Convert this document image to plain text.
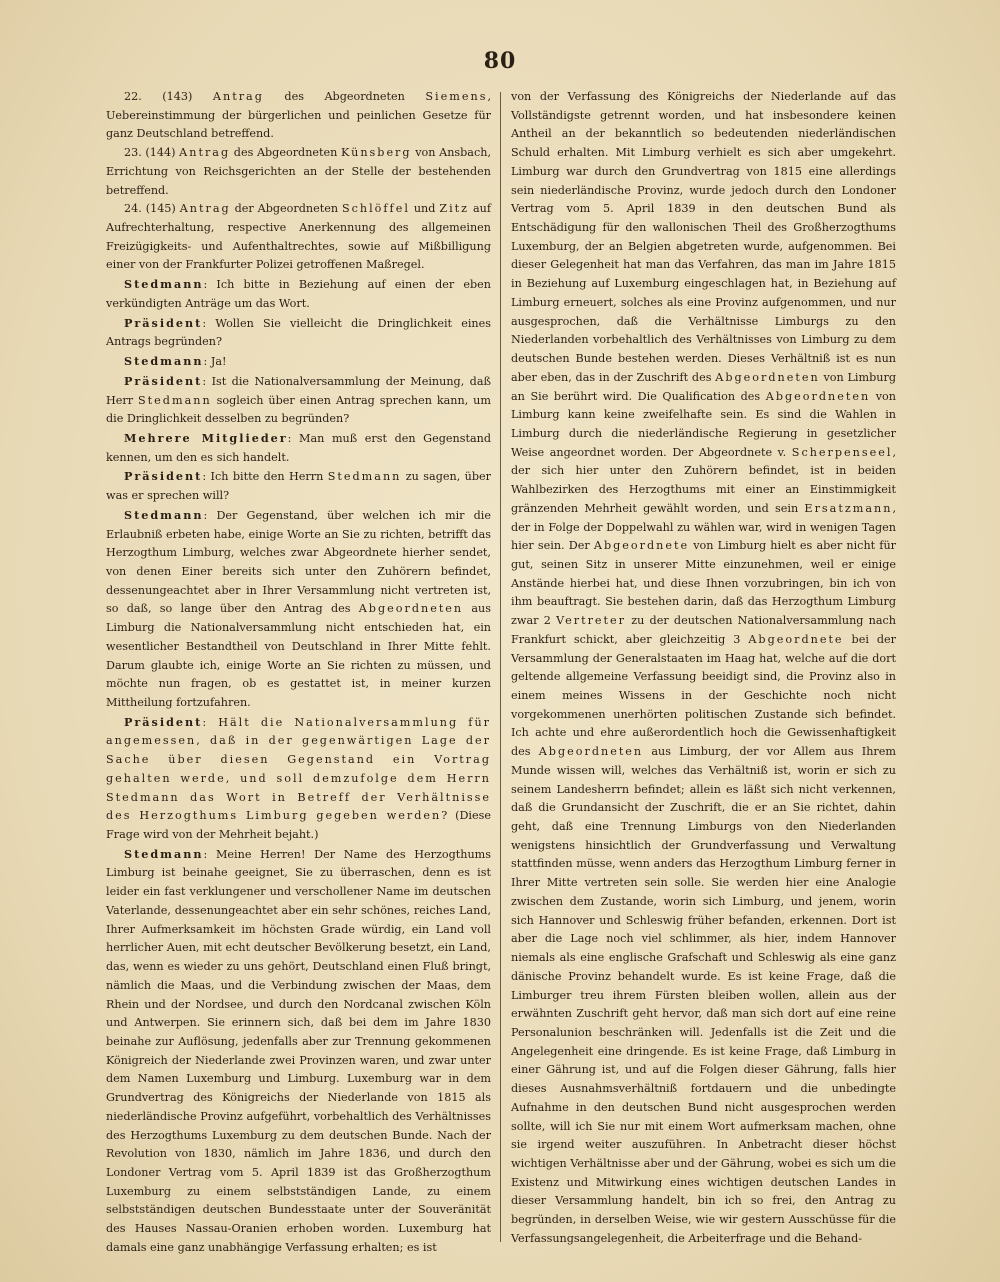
80

22. (143) Antrag des Abgeordneten Siemens, Uebereinstimmung der bürgerlichen und peinlichen Gesetze für ganz Deutschland betreffend.

23. (144) Antrag des Abgeordneten Künsberg von Ansbach, Errichtung von Reichsgerichten an der Stelle der bestehenden betreffend.

24. (145) Antrag der Abgeordneten Schlöffel und Zitz auf Aufrechterhaltung, respective Anerkennung des allgemeinen Freizügigkeits- und Aufenthaltrechtes, sowie auf Mißbilligung einer von der Frankfurter Polizei getroffenen Maßregel.

Stedmann: Ich bitte in Beziehung auf einen der eben verkündigten Anträge um das Wort.

Präsident: Wollen Sie vielleicht die Dringlichkeit eines Antrags begründen?

Stedmann: Ja!

Präsident: Ist die Nationalversammlung der Meinung, daß Herr Stedmann sogleich über einen Antrag sprechen kann, um die Dringlichkeit desselben zu begründen?

Mehrere Mitglieder: Man muß erst den Gegenstand kennen, um den es sich handelt.

Präsident: Ich bitte den Herrn Stedmann zu sagen, über was er sprechen will?

Stedmann: Der Gegenstand, über welchen ich mir die Erlaubniß erbeten habe, einige Worte an Sie zu richten, betrifft das Herzogthum Limburg, welches zwar Abgeordnete hierher sendet, von denen Einer bereits sich unter den Zuhörern befindet, dessenungeachtet aber in Ihrer Versammlung nicht vertreten ist, so daß, so lange über den Antrag des Abgeordneten aus Limburg die Nationalversammlung nicht entschieden hat, ein wesentlicher Bestandtheil von Deutschland in Ihrer Mitte fehlt. Darum glaubte ich, einige Worte an Sie richten zu müssen, und möchte nun fragen, ob es gestattet ist, in meiner kurzen Mittheilung fortzufahren.

Präsident: Hält die Nationalversammlung für angemessen, daß in der gegenwärtigen Lage der Sache über diesen Gegenstand ein Vortrag gehalten werde, und soll demzufolge dem Herrn Stedmann das Wort in Betreff der Verhältnisse des Herzogthums Limburg gegeben werden? (Diese Frage wird von der Mehrheit bejaht.)

Stedmann: Meine Herren! Der Name des Herzogthums Limburg ist beinahe geeignet, Sie zu überraschen, denn es ist leider ein fast verklungener und verschollener Name im deutschen Vaterlande, dessenungeachtet aber ein sehr schönes, reiches Land, Ihrer Aufmerksamkeit im höchsten Grade würdig, ein Land voll herrlicher Auen, mit echt deutscher Bevölkerung besetzt, ein Land, das, wenn es wieder zu uns gehört, Deutschland einen Fluß bringt, nämlich die Maas, und die Verbindung zwischen der Maas, dem Rhein und der Nordsee, und durch den Nordcanal zwischen Köln und Antwerpen. Sie erinnern sich, daß bei dem im Jahre 1830 beinahe zur Auflösung, jedenfalls aber zur Trennung gekommenen Königreich der Niederlande zwei Provinzen waren, und zwar unter dem Namen Luxemburg und Limburg. Luxemburg war in dem Grundvertrag des Königreichs der Niederlande von 1815 als niederländische Provinz aufgeführt, vorbehaltlich des Verhältnisses des Herzogthums Luxemburg zu dem deutschen Bunde. Nach der Revolution von 1830, nämlich im Jahre 1836, und durch den Londoner Vertrag vom 5. April 1839 ist das Großherzogthum Luxemburg zu einem selbstständigen Lande, zu einem selbstständigen deutschen Bundesstaate unter der Souveränität des Hauses Nassau-Oranien erhoben worden. Luxemburg hat damals eine ganz unabhängige Verfassung erhalten; es ist

von der Verfassung des Königreichs der Niederlande auf das Vollständigste getrennt worden, und hat insbesondere keinen Antheil an der bekanntlich so bedeutenden niederländischen Schuld erhalten. Mit Limburg verhielt es sich aber umgekehrt. Limburg war durch den Grundvertrag von 1815 eine allerdings sein niederländische Provinz, wurde jedoch durch den Londoner Vertrag vom 5. April 1839 in den deutschen Bund als Entschädigung für den wallonischen Theil des Großherzogthums Luxemburg, der an Belgien abgetreten wurde, aufgenommen. Bei dieser Gelegenheit hat man das Verfahren, das man im Jahre 1815 in Beziehung auf Luxemburg eingeschlagen hat, in Beziehung auf Limburg erneuert, solches als eine Provinz aufgenommen, und nur ausgesprochen, daß die Verhältnisse Limburgs zu den Niederlanden vorbehaltlich des Verhältnisses von Limburg zu dem deutschen Bunde bestehen werden. Dieses Verhältniß ist es nun aber eben, das in der Zuschrift des Abgeordneten von Limburg an Sie berührt wird. Die Qualification des Abgeordneten von Limburg kann keine zweifelhafte sein. Es sind die Wahlen in Limburg durch die niederländische Regierung in gesetzlicher Weise angeordnet worden. Der Abgeordnete v. Scherpenseel, der sich hier unter den Zuhörern befindet, ist in beiden Wahlbezirken des Herzogthums mit einer an Einstimmigkeit gränzenden Mehrheit gewählt worden, und sein Ersatzmann, der in Folge der Doppelwahl zu wählen war, wird in wenigen Tagen hier sein. Der Abgeordnete von Limburg hielt es aber nicht für gut, seinen Sitz in unserer Mitte einzunehmen, weil er einige Anstände hierbei hat, und diese Ihnen vorzubringen, bin ich von ihm beauftragt. Sie bestehen darin, daß das Herzogthum Limburg zwar 2 Vertreter zu der deutschen Nationalversammlung nach Frankfurt schickt, aber gleichzeitig 3 Abgeordnete bei der Versammlung der Generalstaaten im Haag hat, welche auf die dort geltende allgemeine Verfassung beeidigt sind, die Provinz also in einem meines Wissens in der Geschichte noch nicht vorgekommenen unerhörten politischen Zustande sich befindet. Ich achte und ehre außerordentlich hoch die Gewissenhaftigkeit des Abgeordneten aus Limburg, der vor Allem aus Ihrem Munde wissen will, welches das Verhältniß ist, worin er sich zu seinem Landesherrn befindet; allein es läßt sich nicht verkennen, daß die Grundansicht der Zuschrift, die er an Sie richtet, dahin geht, daß eine Trennung Limburgs von den Niederlanden wenigstens hinsichtlich der Grundverfassung und Verwaltung stattfinden müsse, wenn anders das Herzogthum Limburg ferner in Ihrer Mitte vertreten sein solle. Sie werden hier eine Analogie zwischen dem Zustande, worin sich Limburg, und jenem, worin sich Hannover und Schleswig früher befanden, erkennen. Dort ist aber die Lage noch viel schlimmer, als hier, indem Hannover niemals als eine englische Grafschaft und Schleswig als eine ganz dänische Provinz behandelt wurde. Es ist keine Frage, daß die Limburger treu ihrem Fürsten bleiben wollen, allein aus der erwähnten Zuschrift geht hervor, daß man sich dort auf eine reine Personalunion beschränken will. Jedenfalls ist die Zeit und die Angelegenheit eine dringende. Es ist keine Frage, daß Limburg in einer Gährung ist, und auf die Folgen dieser Gährung, falls hier dieses Ausnahmsverhältniß fortdauern und die unbedingte Aufnahme in den deutschen Bund nicht ausgesprochen werden sollte, will ich Sie nur mit einem Wort aufmerksam machen, ohne sie irgend weiter auszuführen. In Anbetracht dieser höchst wichtigen Verhältnisse aber und der Gährung, wobei es sich um die Existenz und Mitwirkung eines wichtigen deutschen Landes in dieser Versammlung handelt, bin ich so frei, den Antrag zu begründen, in derselben Weise, wie wir gestern Ausschüsse für die Verfassungsangelegenheit, die Arbeiterfrage und die Behand-
